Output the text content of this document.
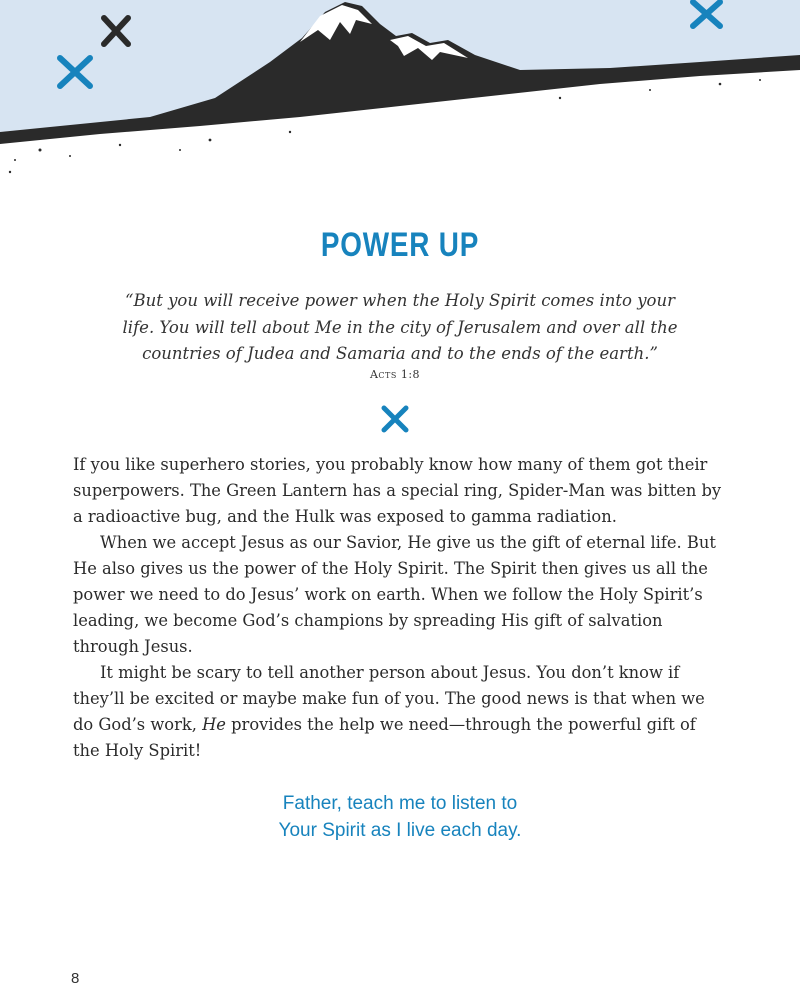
POWER UP
“But you will receive power when the Holy Spirit comes into your
life. You will tell about Me in the city of Jerusalem and over all the
countries of Judea and Samaria and to the ends of the earth.”
Acts 1:8

If you like superhero stories, you probably know how many of them got their superpowers. The Green Lantern has a special ring, Spider-Man was bitten by a radioactive bug, and the Hulk was exposed to gamma radiation.

When we accept Jesus as our Savior, He give us the gift of eternal life. But He also gives us the power of the Holy Spirit. The Spirit then gives us all the power we need to do Jesus’ work on earth. When we follow the Holy Spirit’s leading, we become God’s champions by spreading His gift of salvation through Jesus.

It might be scary to tell another person about Jesus. You don’t know if they’ll be excited or maybe make fun of you. The good news is that when we do God’s work, He provides the help we need—through the powerful gift of the Holy Spirit!

Father, teach me to listen to
Your Spirit as I live each day.
8
